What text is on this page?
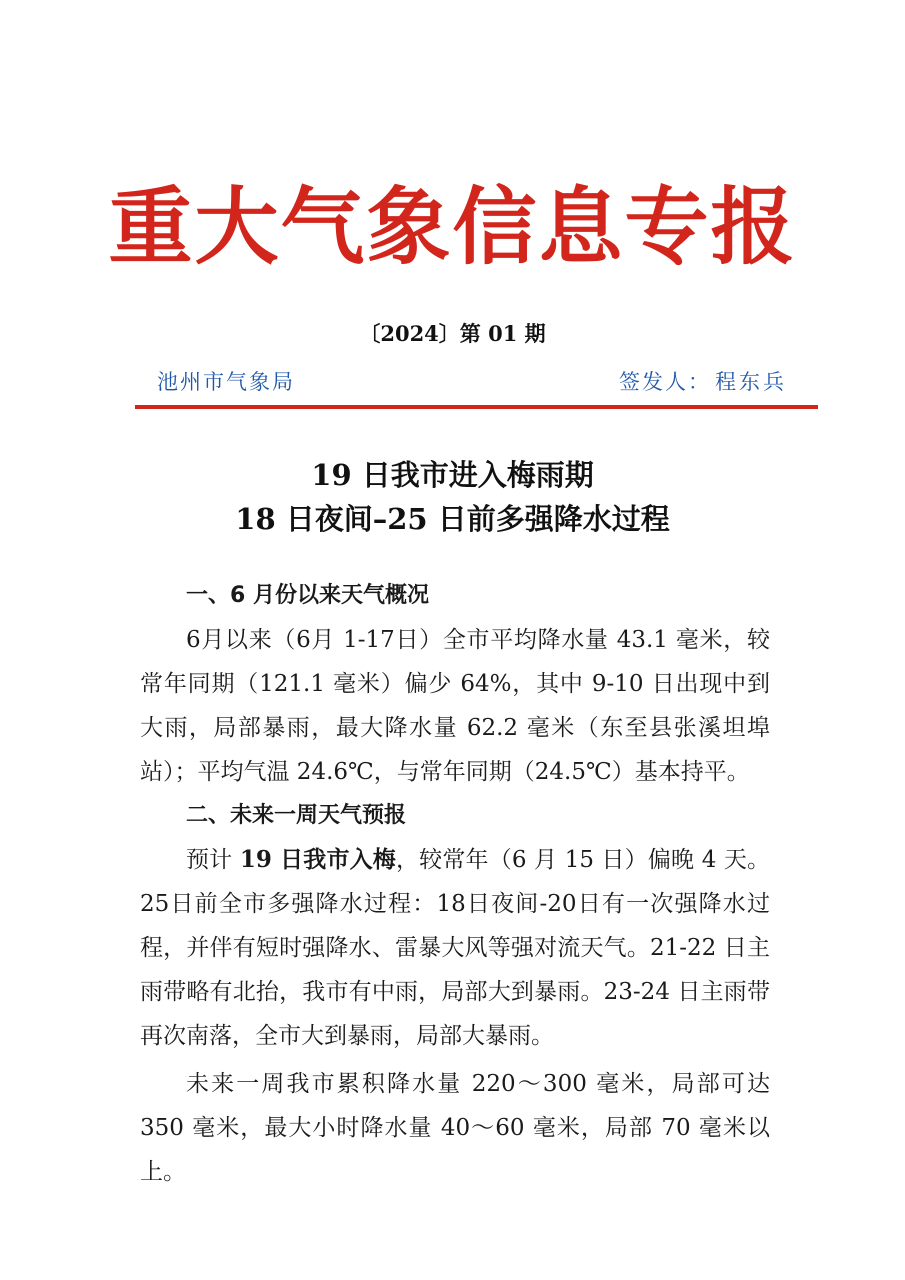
重大气象信息专报
〔2024〕第 01 期
池州市气象局	签发人： 程东兵
19 日我市进入梅雨期
18 日夜间–25 日前多强降水过程
一、6 月份以来天气概况

6月以来（6月 1-17日）全市平均降水量 43.1 毫米，较常年同期（121.1 毫米）偏少 64%，其中 9-10 日出现中到大雨，局部暴雨，最大降水量 62.2 毫米（东至县张溪坦埠站）；平均气温 24.6℃，与常年同期（24.5℃）基本持平。

二、未来一周天气预报

预计 19 日我市入梅，较常年（6 月 15 日）偏晚 4 天。25日前全市多强降水过程：18日夜间-20日有一次强降水过程，并伴有短时强降水、雷暴大风等强对流天气。21-22 日主雨带略有北抬，我市有中雨，局部大到暴雨。23-24 日主雨带再次南落，全市大到暴雨，局部大暴雨。

未来一周我市累积降水量 220～300 毫米，局部可达 350 毫米，最大小时降水量 40～60 毫米，局部 70 毫米以上。
